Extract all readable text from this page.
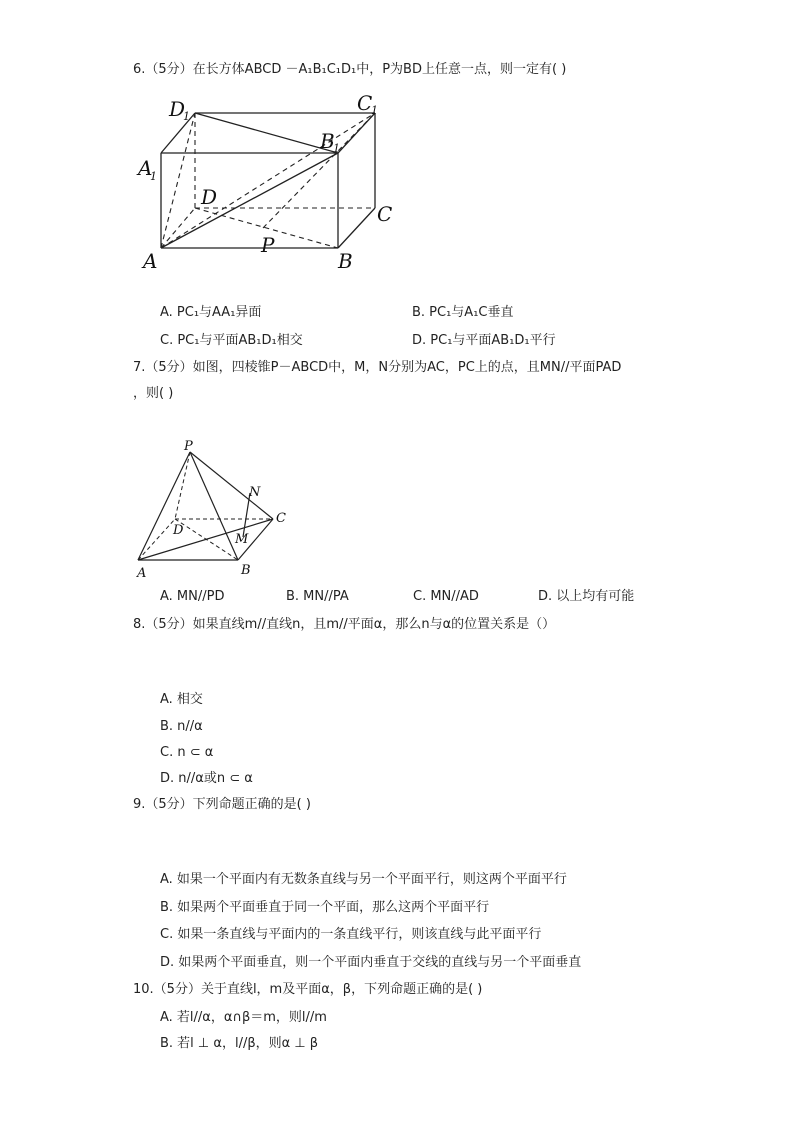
6.（5分）在长方体ABCD －A₁B₁C₁D₁中，P为BD上任意一点，则一定有( )
D
1
C
1
B
1
A
1
D
C
A
P
B
A. PC₁与AA₁异面	B. PC₁与A₁C垂直
C. PC₁与平面AB₁D₁相交	D. PC₁与平面AB₁D₁平行
7.（5分）如图，四棱锥P－ABCD中，M，N分别为AC，PC上的点，且MN//平面PAD
，则( )
P
N
C
D
M
A	B
A. MN//PD	B. MN//PA	C. MN//AD	D. 以上均有可能
8.（5分）如果直线m//直线n，且m//平面α，那么n与α的位置关系是（）
A. 相交
B. n//α
C. n ⊂ α
D. n//α或n ⊂ α
9.（5分）下列命题正确的是( )
A. 如果一个平面内有无数条直线与另一个平面平行，则这两个平面平行
B. 如果两个平面垂直于同一个平面，那么这两个平面平行
C. 如果一条直线与平面内的一条直线平行，则该直线与此平面平行
D. 如果两个平面垂直，则一个平面内垂直于交线的直线与另一个平面垂直
10.（5分）关于直线l，m及平面α，β，下列命题正确的是( )
A. 若l//α，α∩β＝m，则l//m
B. 若l ⊥ α，l//β，则α ⊥ β
